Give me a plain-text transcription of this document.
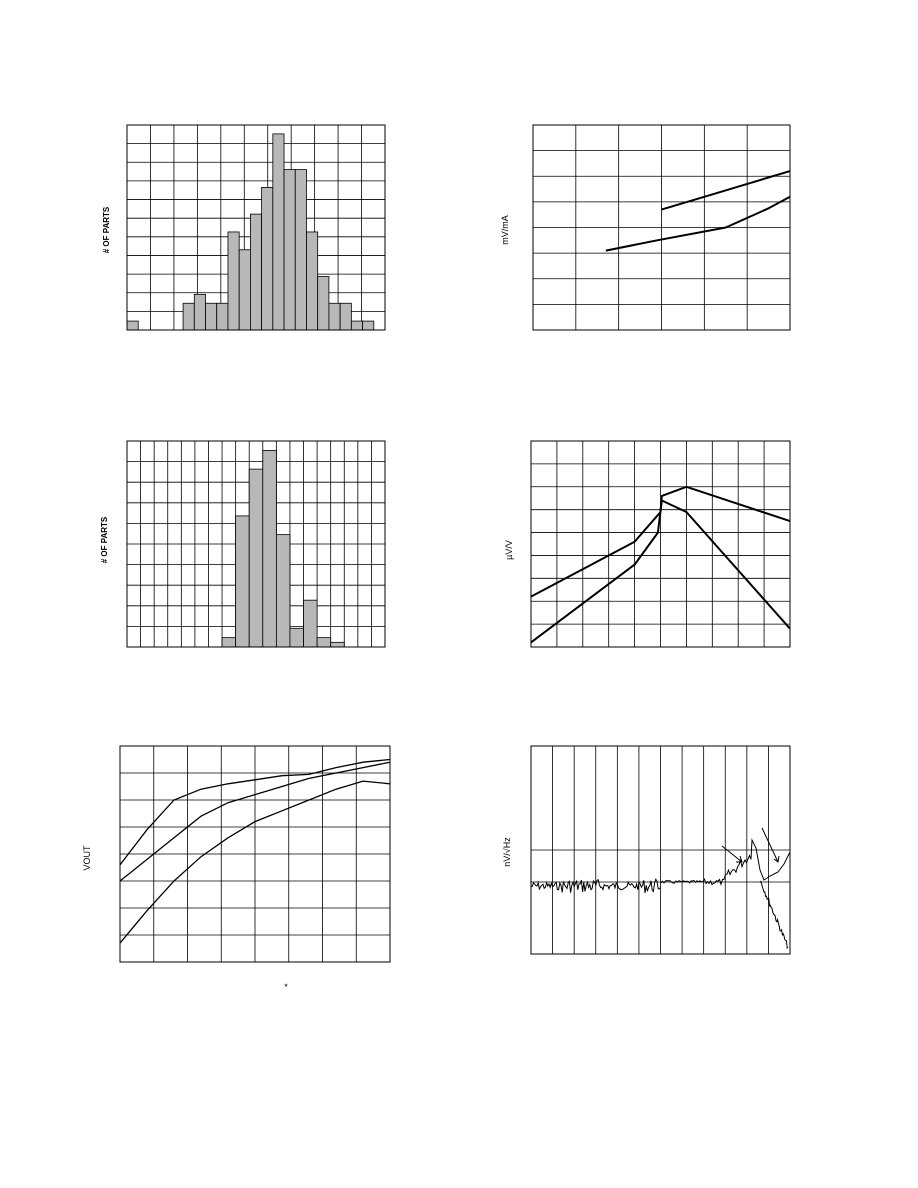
# OF PARTS	mV/mA
# OF PARTS	µV/V
VOUT
*
nV/√Hz
